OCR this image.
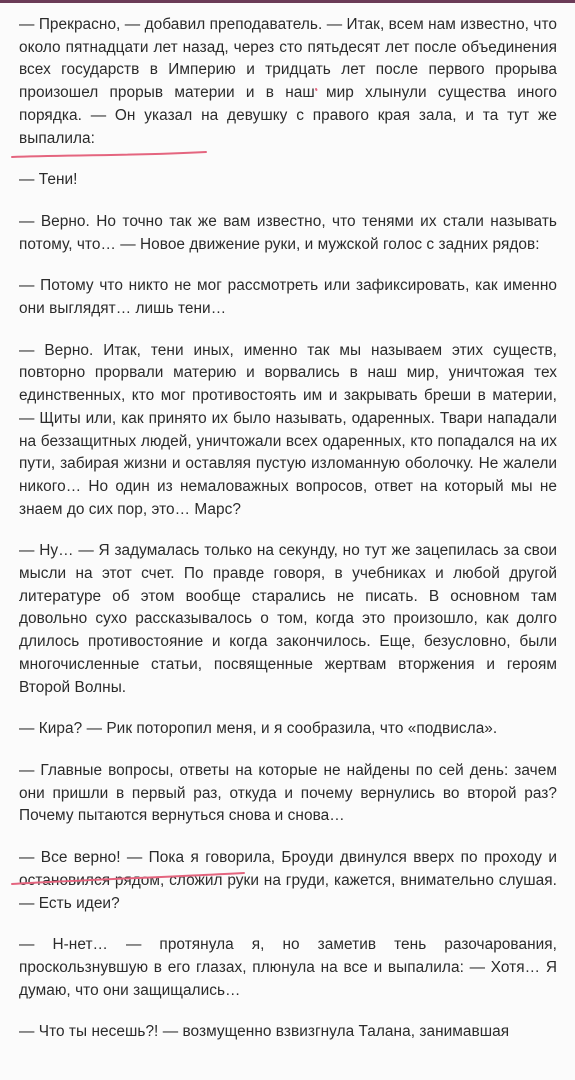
— Прекрасно, — добавил преподаватель. — Итак, всем нам известно, что около пятнадцати лет назад, через сто пятьдесят лет после объединения всех государств в Империю и тридцать лет после первого прорыва произошел прорыв материи и в наш мир хлынули существа иного порядка. — Он указал на девушку с правого края зала, и та тут же выпалила:

— Тени!

— Верно. Но точно так же вам известно, что тенями их стали называть потому, что… — Новое движение руки, и мужской голос с задних рядов:

— Потому что никто не мог рассмотреть или зафиксировать, как именно они выглядят… лишь тени…

— Верно. Итак, тени иных, именно так мы называем этих существ, повторно прорвали материю и ворвались в наш мир, уничтожая тех единственных, кто мог противостоять им и закрывать бреши в материи, — Щиты или, как принято их было называть, одаренных. Твари нападали на беззащитных людей, уничтожали всех одаренных, кто попадался на их пути, забирая жизни и оставляя пустую изломанную оболочку. Не жалели никого… Но один из немаловажных вопросов, ответ на который мы не знаем до сих пор, это… Марс?

— Ну… — Я задумалась только на секунду, но тут же зацепилась за свои мысли на этот счет. По правде говоря, в учебниках и любой другой литературе об этом вообще старались не писать. В основном там довольно сухо рассказывалось о том, когда это произошло, как долго длилось противостояние и когда закончилось. Еще, безусловно, были многочисленные статьи, посвященные жертвам вторжения и героям Второй Волны.

— Кира? — Рик поторопил меня, и я сообразила, что «подвисла».

— Главные вопросы, ответы на которые не найдены по сей день: зачем они пришли в первый раз, откуда и почему вернулись во второй раз? Почему пытаются вернуться снова и снова…

— Все верно! — Пока я говорила, Броуди двинулся вверх по проходу и остановился рядом, сложил руки на груди, кажется, внимательно слушая. — Есть идеи?

— Н-нет… — протянула я, но заметив тень разочарования, проскользнувшую в его глазах, плюнула на все и выпалила: — Хотя… Я думаю, что они защищались…

— Что ты несешь?! — возмущенно взвизгнула Талана, занимавшая
